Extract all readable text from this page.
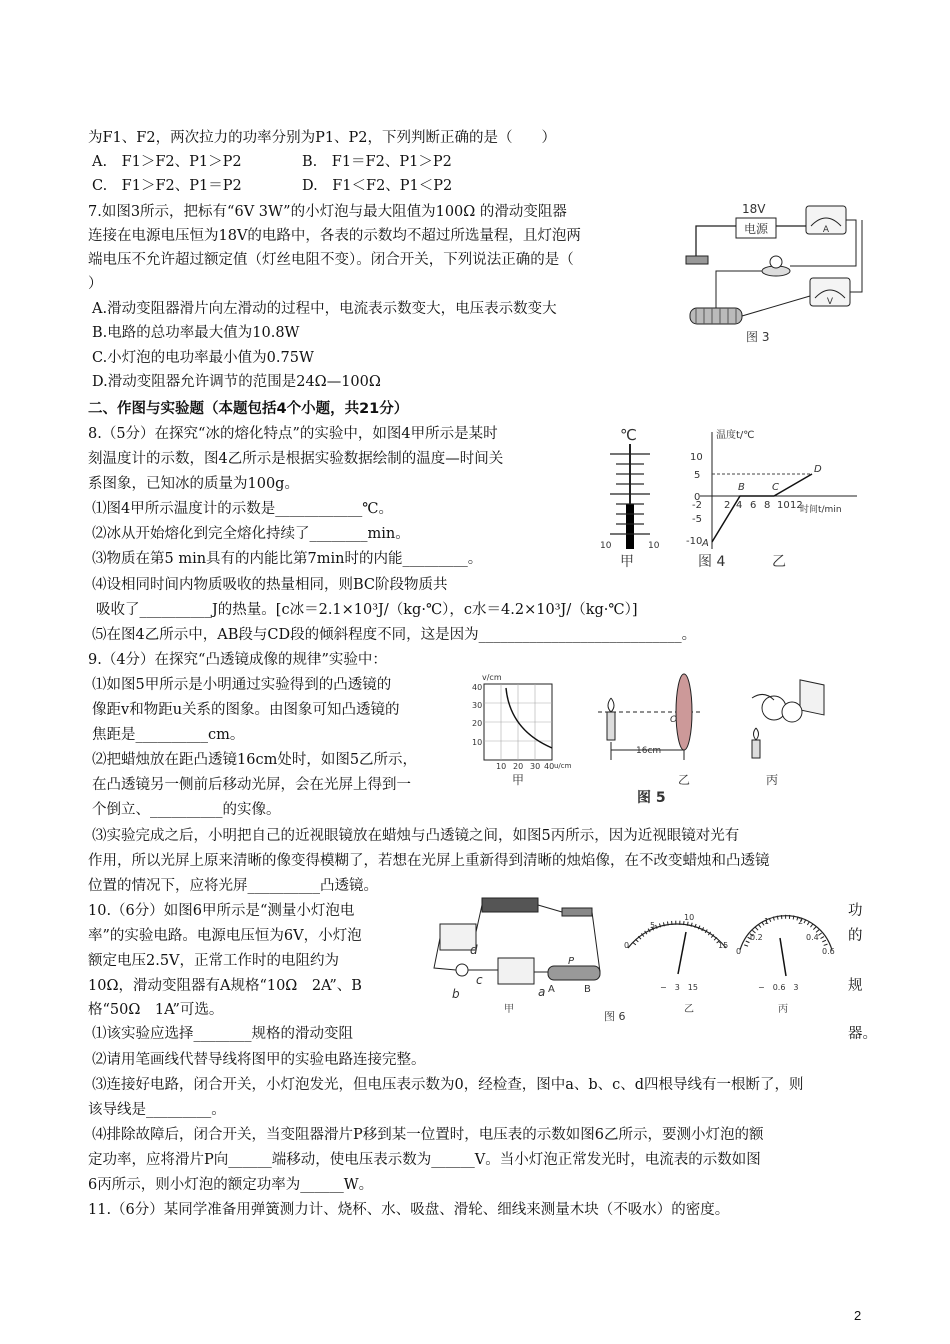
为F1、F2，两次拉力的功率分别为P1、P2，下列判断正确的是（　　）
A.　F1＞F2、P1＞P2	B.　F1＝F2、P1＞P2
C.　F1＞F2、P1＝P2	D.　F1＜F2、P1＜P2
7.如图3所示，把标有“6V 3W”的小灯泡与最大阻值为100Ω 的滑动变阻器
连接在电源电压恒为18V的电路中，各表的示数均不超过所选量程，且灯泡两
端电压不允许超过额定值（灯丝电阻不变）。闭合开关，下列说法正确的是（
）
A.滑动变阻器滑片向左滑动的过程中，电流表示数变大，电压表示数变大
B.电路的总功率最大值为10.8W
C.小灯泡的电功率最小值为0.75W
D.滑动变阻器允许调节的范围是24Ω—100Ω
电源
18V
A
V
图 3
二、作图与实验题（本题包括4个小题，共21分）
8.（5分）在探究“冰的熔化特点”的实验中，如图4甲所示是某时
刻温度计的示数，图4乙所示是根据实验数据绘制的温度—时间关
系图象，已知冰的质量为100g。
⑴图4甲所示温度计的示数是____________℃。
⑵冰从开始熔化到完全熔化持续了________min。
⑶物质在第5 min具有的内能比第7min时的内能_________。
⑷设相同时间内物质吸收的热量相同，则BC阶段物质共
吸收了__________J的热量。[c冰＝2.1×10³J/（kg·℃），c水＝4.2×10³J/（kg·℃）]
⑸在图4乙所示中，AB段与CD段的倾斜程度不同，这是因为____________________________。
℃
10	10
甲
温度t/℃
时间t/min
10
5
0
-2
-5
-10
2 4 6 8 10 12
A
B	C
D
图 4	乙
9.（4分）在探究“凸透镜成像的规律”实验中：
⑴如图5甲所示是小明通过实验得到的凸透镜的
像距v和物距u关系的图象。由图象可知凸透镜的
焦距是__________cm。
⑵把蜡烛放在距凸透镜16cm处时，如图5乙所示，
在凸透镜另一侧前后移动光屏，会在光屏上得到一
个倒立、__________的实像。
⑶实验完成之后，小明把自己的近视眼镜放在蜡烛与凸透镜之间，如图5丙所示，因为近视眼镜对光有
作用，所以光屏上原来清晰的像变得模糊了，若想在光屏上重新得到清晰的烛焰像，在不改变蜡烛和凸透镜
位置的情况下，应将光屏__________凸透镜。
v/cm
40
30
20
10
10 20 30 40 u/cm
甲
O
16cm
乙	丙
图 5
10.（6分）如图6甲所示是“测量小灯泡电
率”的实验电路。电源电压恒为6V，小灯泡
额定电压2.5V，正常工作时的电阻约为
10Ω，滑动变阻器有A规格“10Ω　2A”、B
格“50Ω　1A”可选。
功
的
规
⑴该实验应选择________规格的滑动变阻	器。
⑵请用笔画线代替导线将图甲的实验电路连接完整。
⑶连接好电路，闭合开关，小灯泡发光，但电压表示数为0，经检查，图中a、b、c、d四根导线有一根断了，则
该导线是_________。
⑷排除故障后，闭合开关，当变阻器滑片P移到某一位置时，电压表的示数如图6乙所示，要测小灯泡的额
定功率，应将滑片P向______端移动，使电压表示数为______V。当小灯泡正常发光时，电流表的示数如图
6丙所示，则小灯泡的额定功率为______W。
b	a
c
d
A	B
P
甲
5
10
0	15
−　3　15
乙
1	2
0.2	0.4
0	0.6
−　0.6　3
丙
图 6
11.（6分）某同学准备用弹簧测力计、烧杯、水、吸盘、滑轮、细线来测量木块（不吸水）的密度。
2
